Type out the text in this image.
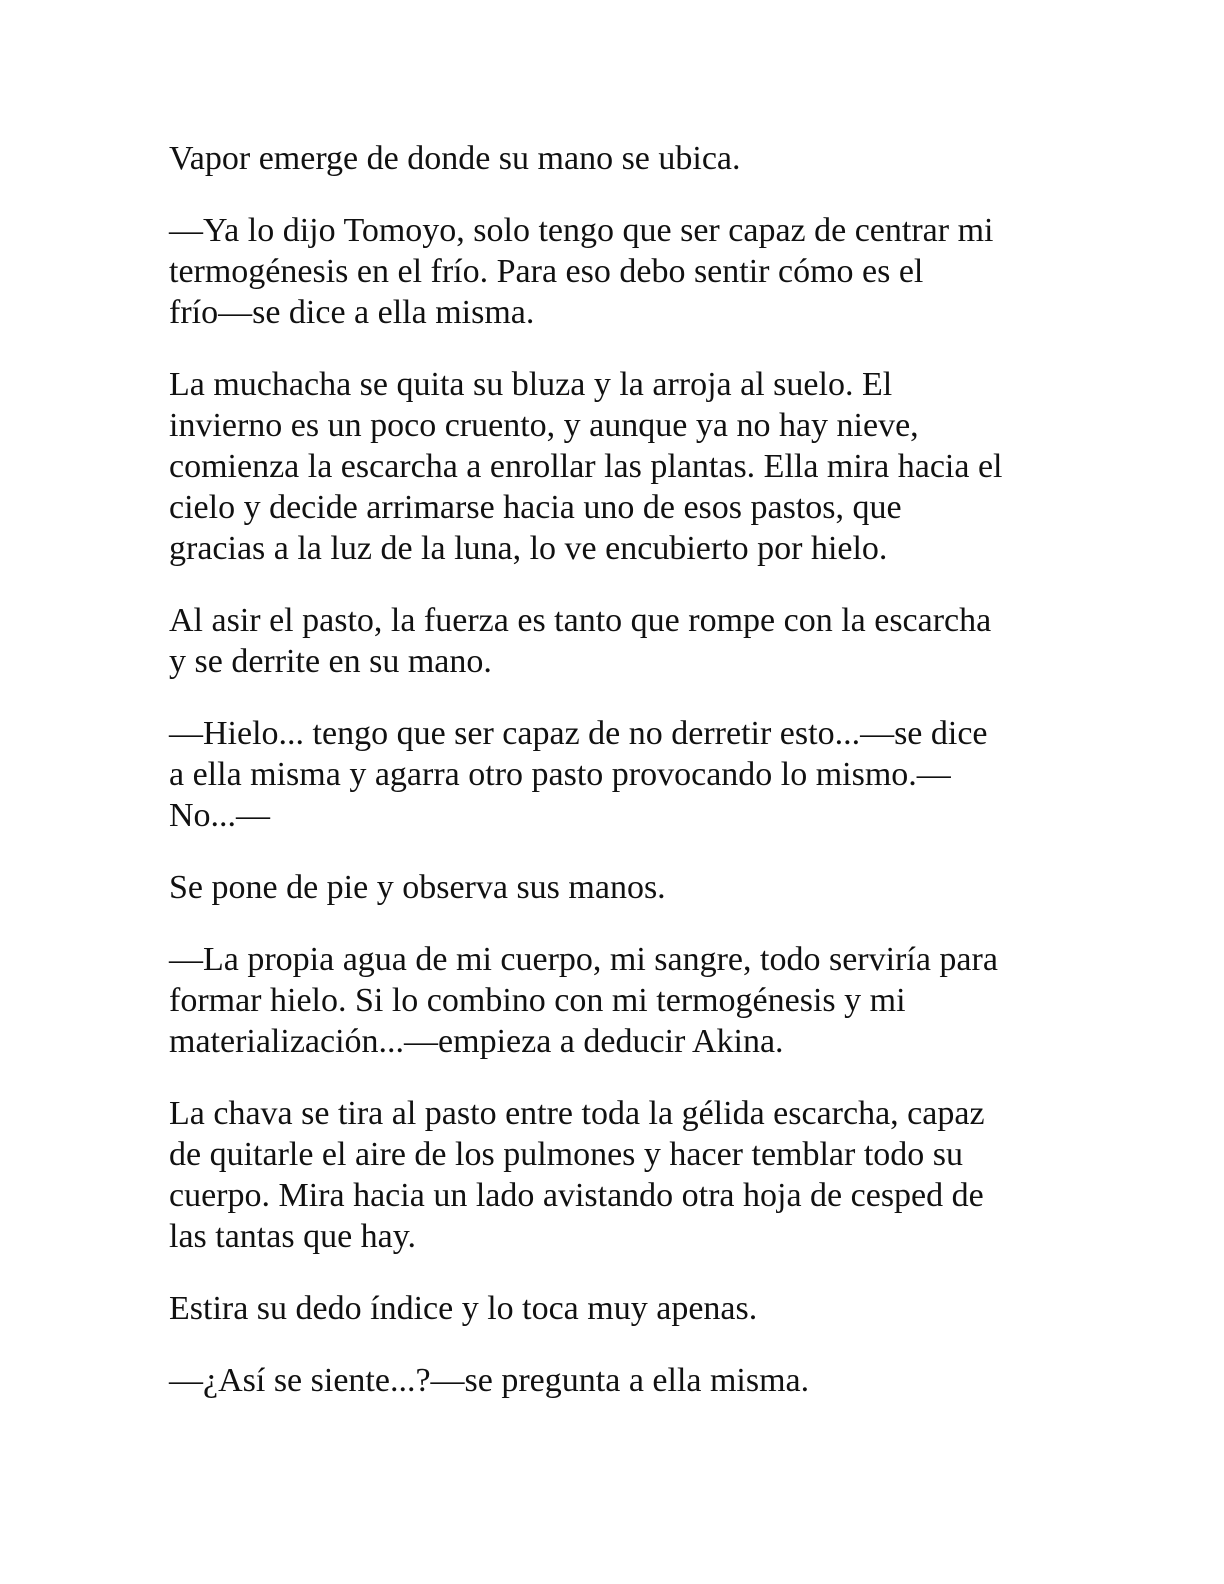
Vapor emerge de donde su mano se ubica.

—Ya lo dijo Tomoyo, solo tengo que ser capaz de centrar mi
termogénesis en el frío. Para eso debo sentir cómo es el
frío—se dice a ella misma.

La muchacha se quita su bluza y la arroja al suelo. El
invierno es un poco cruento, y aunque ya no hay nieve,
comienza la escarcha a enrollar las plantas. Ella mira hacia el
cielo y decide arrimarse hacia uno de esos pastos, que
gracias a la luz de la luna, lo ve encubierto por hielo.

Al asir el pasto, la fuerza es tanto que rompe con la escarcha
y se derrite en su mano.

—Hielo... tengo que ser capaz de no derretir esto...—se dice
a ella misma y agarra otro pasto provocando lo mismo.—
No...—

Se pone de pie y observa sus manos.

—La propia agua de mi cuerpo, mi sangre, todo serviría para
formar hielo. Si lo combino con mi termogénesis y mi
materialización...—empieza a deducir Akina.

La chava se tira al pasto entre toda la gélida escarcha, capaz
de quitarle el aire de los pulmones y hacer temblar todo su
cuerpo. Mira hacia un lado avistando otra hoja de cesped de
las tantas que hay.

Estira su dedo índice y lo toca muy apenas.

—¿Así se siente...?—se pregunta a ella misma.
